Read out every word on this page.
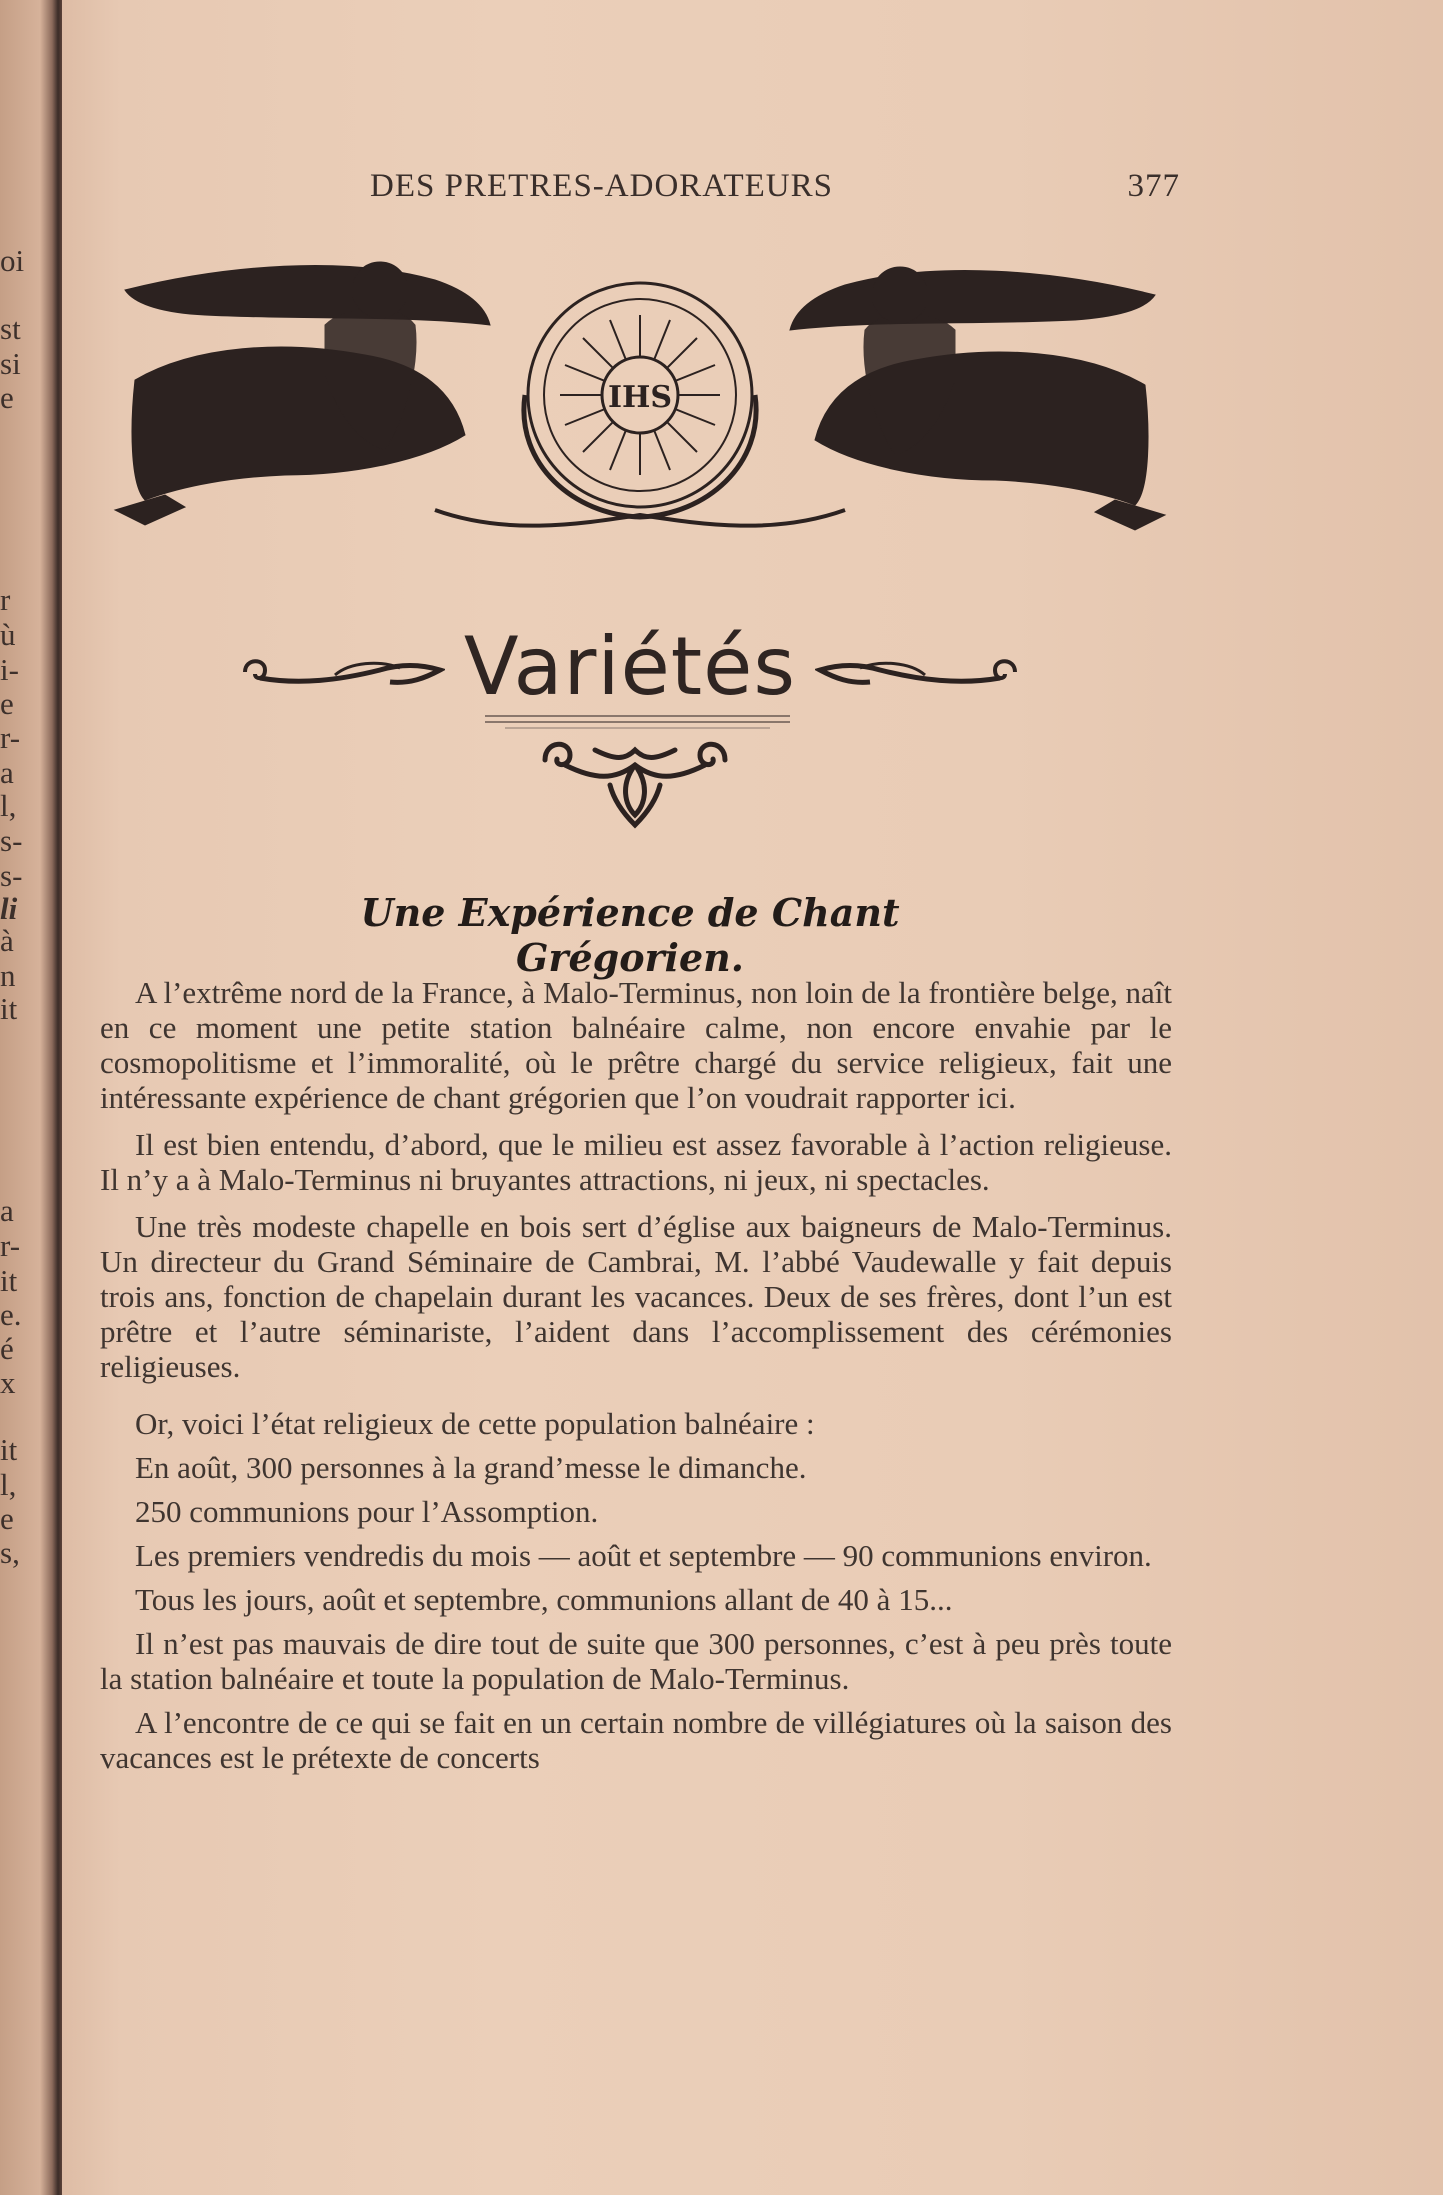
oi
st
si
e
r
ù
i-
e
r-
a
l,
s-
s-
li
à
n
it
a
r-
it
e.
é
x
it
l,
e
s,
DES PRETRES-ADORATEURS	377
IHS
Variétés
Une Expérience de Chant Grégorien.

A l’extrême nord de la France, à Malo-Terminus, non loin de la frontière belge, naît en ce moment une petite station balnéaire calme, non encore envahie par le cosmopolitisme et l’immoralité, où le prêtre chargé du service religieux, fait une intéressante expérience de chant grégorien que l’on voudrait rapporter ici.

Il est bien entendu, d’abord, que le milieu est assez favorable à l’action religieuse. Il n’y a à Malo-Terminus ni bruyantes attractions, ni jeux, ni spectacles.

Une très modeste chapelle en bois sert d’église aux baigneurs de Malo-Terminus. Un directeur du Grand Séminaire de Cambrai, M. l’abbé Vaudewalle y fait depuis trois ans, fonction de chapelain durant les vacances. Deux de ses frères, dont l’un est prêtre et l’autre séminariste, l’aident dans l’accomplissement des cérémonies religieuses.

Or, voici l’état religieux de cette population balnéaire :

En août, 300 personnes à la grand’messe le dimanche.

250 communions pour l’Assomption.

Les premiers vendredis du mois — août et septembre — 90 communions environ.

Tous les jours, août et septembre, communions allant de 40 à 15...

Il n’est pas mauvais de dire tout de suite que 300 personnes, c’est à peu près toute la station balnéaire et toute la population de Malo-Terminus.

A l’encontre de ce qui se fait en un certain nombre de villégiatures où la saison des vacances est le prétexte de concerts
